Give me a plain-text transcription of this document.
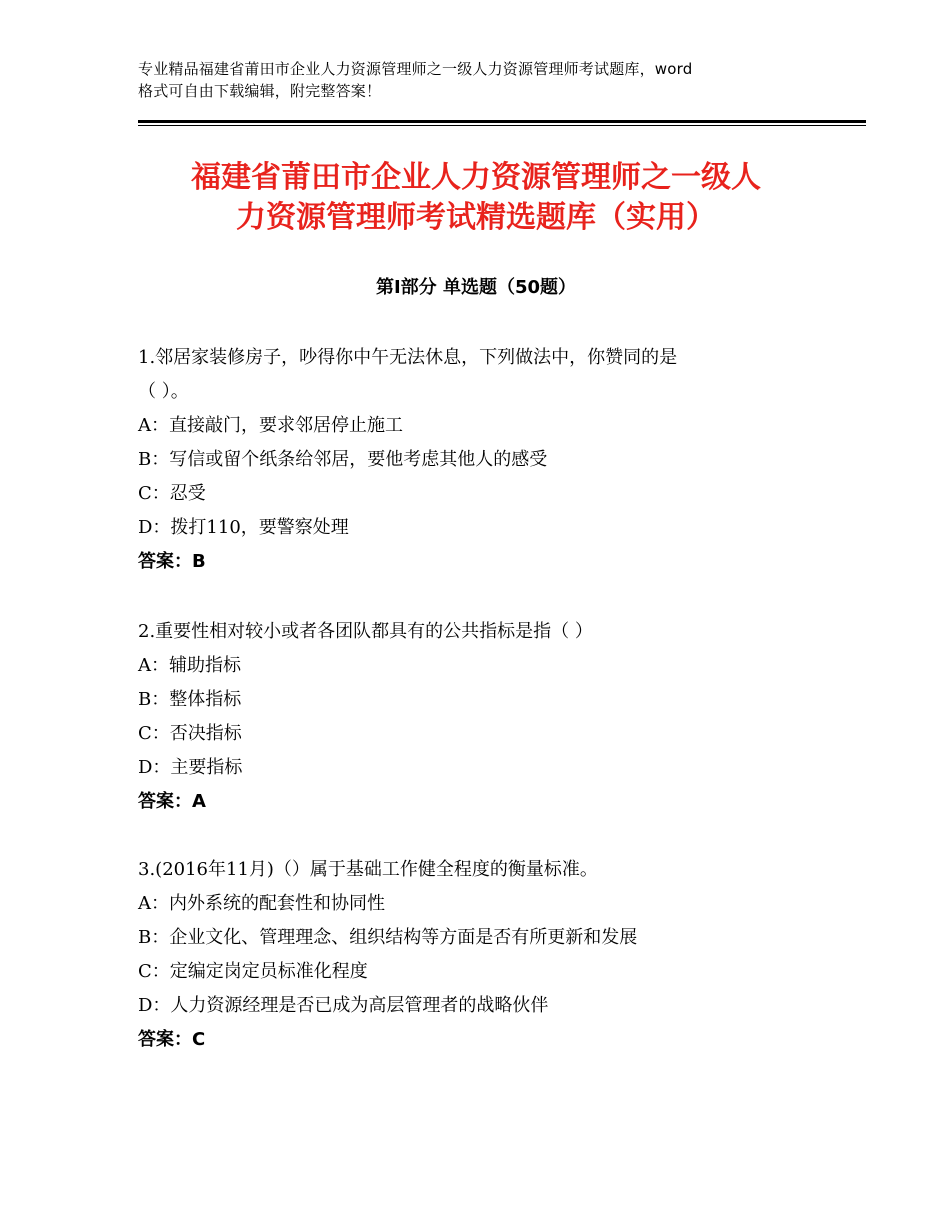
专业精品福建省莆田市企业人力资源管理师之一级人力资源管理师考试题库，word
格式可自由下载编辑，附完整答案！
福建省莆田市企业人力资源管理师之一级人
力资源管理师考试精选题库（实用）
第Ⅰ部分 单选题（50题）
1.邻居家装修房子，吵得你中午无法休息，下列做法中，你赞同的是
（ ）。
A：直接敲门，要求邻居停止施工
B：写信或留个纸条给邻居，要他考虑其他人的感受
C：忍受
D：拨打110，要警察处理
答案：B
2.重要性相对较小或者各团队都具有的公共指标是指（ ）
A：辅助指标
B：整体指标
C：否决指标
D：主要指标
答案：A
3.(2016年11月)（）属于基础工作健全程度的衡量标准。
A：内外系统的配套性和协同性
B：企业文化、管理理念、组织结构等方面是否有所更新和发展
C：定编定岗定员标准化程度
D：人力资源经理是否已成为高层管理者的战略伙伴
答案：C
